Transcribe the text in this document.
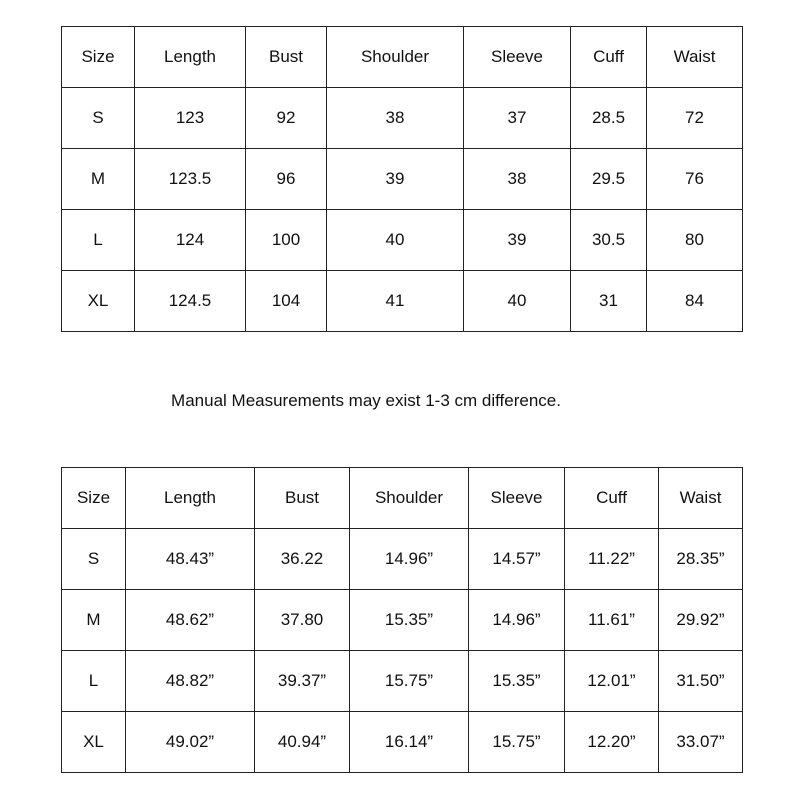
Size	Length	Bust	Shoulder	Sleeve	Cuff	Waist
S	123	92	38	37	28.5	72
M	123.5	96	39	38	29.5	76
L	124	100	40	39	30.5	80
XL	124.5	104	41	40	31	84
Manual Measurements may exist 1-3 cm difference.
Size	Length	Bust	Shoulder	Sleeve	Cuff	Waist
S	48.43”	36.22	14.96”	14.57”	11.22”	28.35”
M	48.62”	37.80	15.35”	14.96”	11.61”	29.92”
L	48.82”	39.37”	15.75”	15.35”	12.01”	31.50”
XL	49.02”	40.94”	16.14”	15.75”	12.20”	33.07”
